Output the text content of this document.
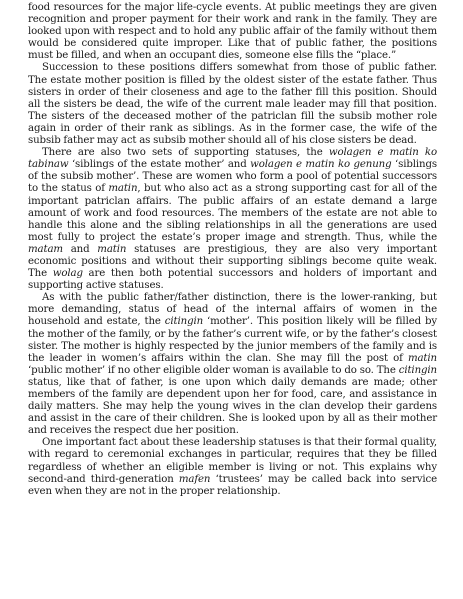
food resources for the major life-cycle events. At public meetings they are given recognition and proper payment for their work and rank in the family. They are looked upon with respect and to hold any public affair of the family without them would be considered quite improper. Like that of public father, the positions must be filled, and when an occupant dies, someone else fills the “place.”

Succession to these positions differs somewhat from those of public father. The estate mother position is filled by the oldest sister of the estate father. Thus sisters in order of their closeness and age to the father fill this position. Should all the sisters be dead, the wife of the current male leader may fill that position. The sisters of the deceased mother of the patriclan fill the subsib mother role again in order of their rank as siblings. As in the former case, the wife of the subsib father may act as subsib mother should all of his close sisters be dead.

There are also two sets of supporting statuses, the wolagen e matin ko tabinaw ‘siblings of the estate mother’ and wolagen e matin ko genung ‘siblings of the subsib mother’. These are women who form a pool of potential successors to the status of matin, but who also act as a strong supporting cast for all of the important patriclan affairs. The public affairs of an estate demand a large amount of work and food resources. The members of the estate are not able to handle this alone and the sibling relationships in all the generations are used most fully to project the estate’s proper image and strength. Thus, while the matam and matin statuses are prestigious, they are also very important economic positions and without their supporting siblings become quite weak. The wolag are then both potential successors and holders of important and supporting active statuses.

As with the public father/father distinction, there is the lower-ranking, but more demanding, status of head of the internal affairs of women in the household and estate, the citingin ‘mother’. This position likely will be filled by the mother of the family, or by the father’s current wife, or by the father’s closest sister. The mother is highly respected by the junior members of the family and is the leader in women’s affairs within the clan. She may fill the post of matin ‘public mother’ if no other eligible older woman is available to do so. The citingin status, like that of father, is one upon which daily demands are made; other members of the family are dependent upon her for food, care, and assistance in daily matters. She may help the young wives in the clan develop their gardens and assist in the care of their children. She is looked upon by all as their mother and receives the respect due her position.

One important fact about these leadership statuses is that their formal quality, with regard to ceremonial exchanges in particular, requires that they be filled regardless of whether an eligible member is living or not. This explains why second-and third-generation mafen ‘trustees’ may be called back into service even when they are not in the proper relationship.
